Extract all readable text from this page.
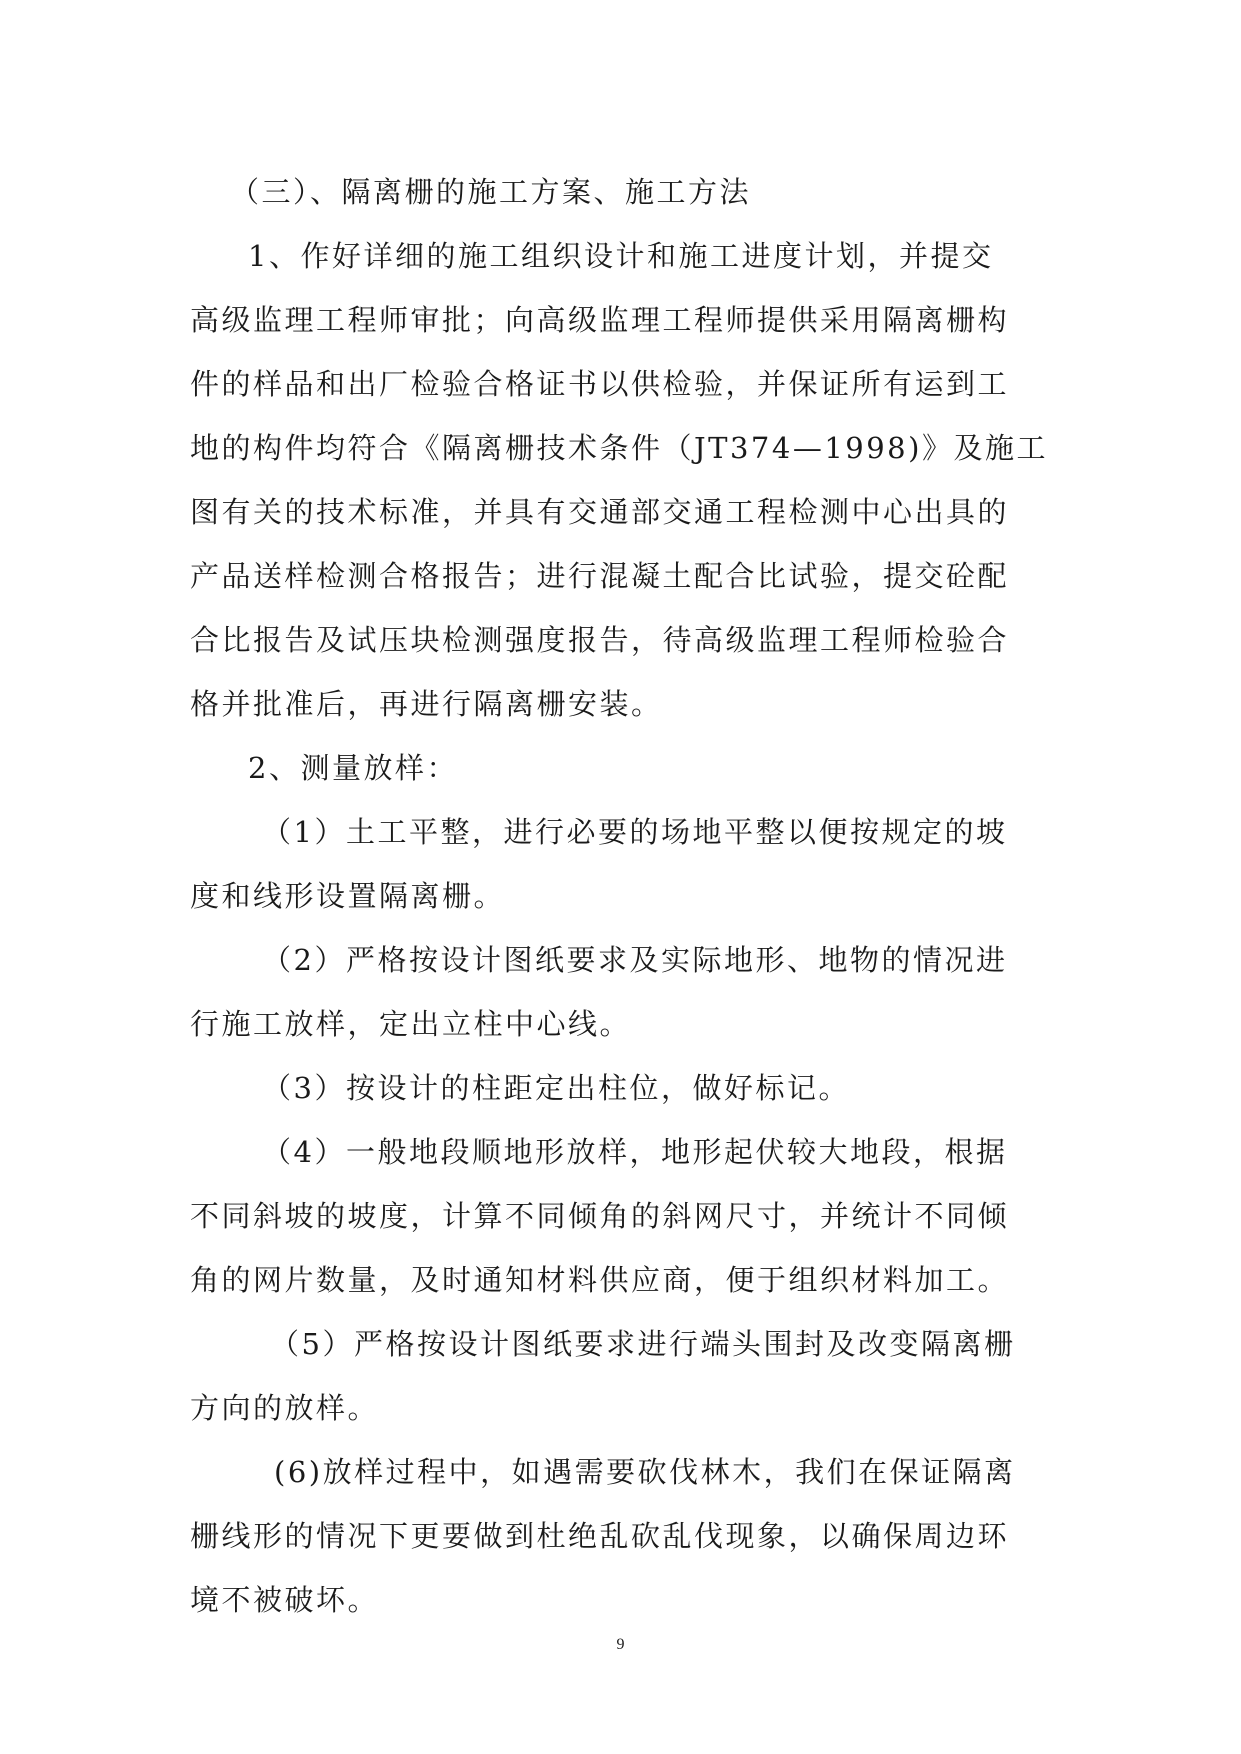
（三）、隔离栅的施工方案、施工方法
1、作好详细的施工组织设计和施工进度计划，并提交
高级监理工程师审批；向高级监理工程师提供采用隔离栅构
件的样品和出厂检验合格证书以供检验，并保证所有运到工
地的构件均符合《隔离栅技术条件（JT374—1998)》及施工
图有关的技术标准，并具有交通部交通工程检测中心出具的
产品送样检测合格报告；进行混凝土配合比试验，提交砼配
合比报告及试压块检测强度报告，待高级监理工程师检验合
格并批准后，再进行隔离栅安装。
2、测量放样：
（1）土工平整，进行必要的场地平整以便按规定的坡
度和线形设置隔离栅。
（2）严格按设计图纸要求及实际地形、地物的情况进
行施工放样，定出立柱中心线。
（3）按设计的柱距定出柱位，做好标记。
（4）一般地段顺地形放样，地形起伏较大地段，根据
不同斜坡的坡度，计算不同倾角的斜网尺寸，并统计不同倾
角的网片数量，及时通知材料供应商，便于组织材料加工。
（5）严格按设计图纸要求进行端头围封及改变隔离栅
方向的放样。
(6)放样过程中，如遇需要砍伐林木，我们在保证隔离
栅线形的情况下更要做到杜绝乱砍乱伐现象，以确保周边环
境不被破坏。
9
